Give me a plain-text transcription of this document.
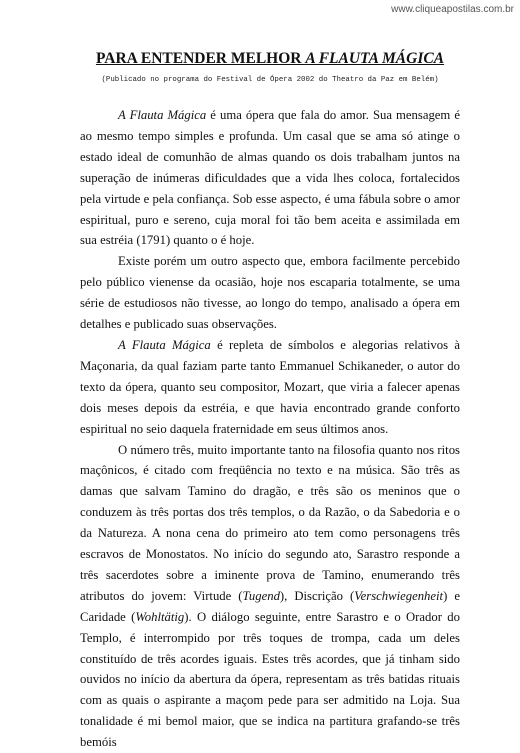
www.cliqueapostilas.com.br
PARA ENTENDER MELHOR A FLAUTA MÁGICA

(Publicado no programa do Festival de Ópera 2002 do Theatro da Paz em Belém)

A Flauta Mágica é uma ópera que fala do amor. Sua mensagem é ao mesmo tempo simples e profunda. Um casal que se ama só atinge o estado ideal de comunhão de almas quando os dois trabalham juntos na superação de inúmeras dificuldades que a vida lhes coloca, fortalecidos pela virtude e pela confiança. Sob esse aspecto, é uma fábula sobre o amor espiritual, puro e sereno, cuja moral foi tão bem aceita e assimilada em sua estréia (1791) quanto o é hoje.

Existe porém um outro aspecto que, embora facilmente percebido pelo público vienense da ocasião, hoje nos escaparia totalmente, se uma série de estudiosos não tivesse, ao longo do tempo, analisado a ópera em detalhes e publicado suas observações.

A Flauta Mágica é repleta de símbolos e alegorias relativos à Maçonaria, da qual faziam parte tanto Emmanuel Schikaneder, o autor do texto da ópera, quanto seu compositor, Mozart, que viria a falecer apenas dois meses depois da estréia, e que havia encontrado grande conforto espiritual no seio daquela fraternidade em seus últimos anos.

O número três, muito importante tanto na filosofia quanto nos ritos maçônicos, é citado com freqüência no texto e na música. São três as damas que salvam Tamino do dragão, e três são os meninos que o conduzem às três portas dos três templos, o da Razão, o da Sabedoria e o da Natureza. A nona cena do primeiro ato tem como personagens três escravos de Monostatos. No início do segundo ato, Sarastro responde a três sacerdotes sobre a iminente prova de Tamino, enumerando três atributos do jovem: Virtude (Tugend), Discrição (Verschwiegenheit) e Caridade (Wohltätig). O diálogo seguinte, entre Sarastro e o Orador do Templo, é interrompido por três toques de trompa, cada um deles constituído de três acordes iguais. Estes três acordes, que já tinham sido ouvidos no início da abertura da ópera, representam as três batidas rituais com as quais o aspirante a maçom pede para ser admitido na Loja. Sua tonalidade é mi bemol maior, que se indica na partitura grafando-se três bemóis
